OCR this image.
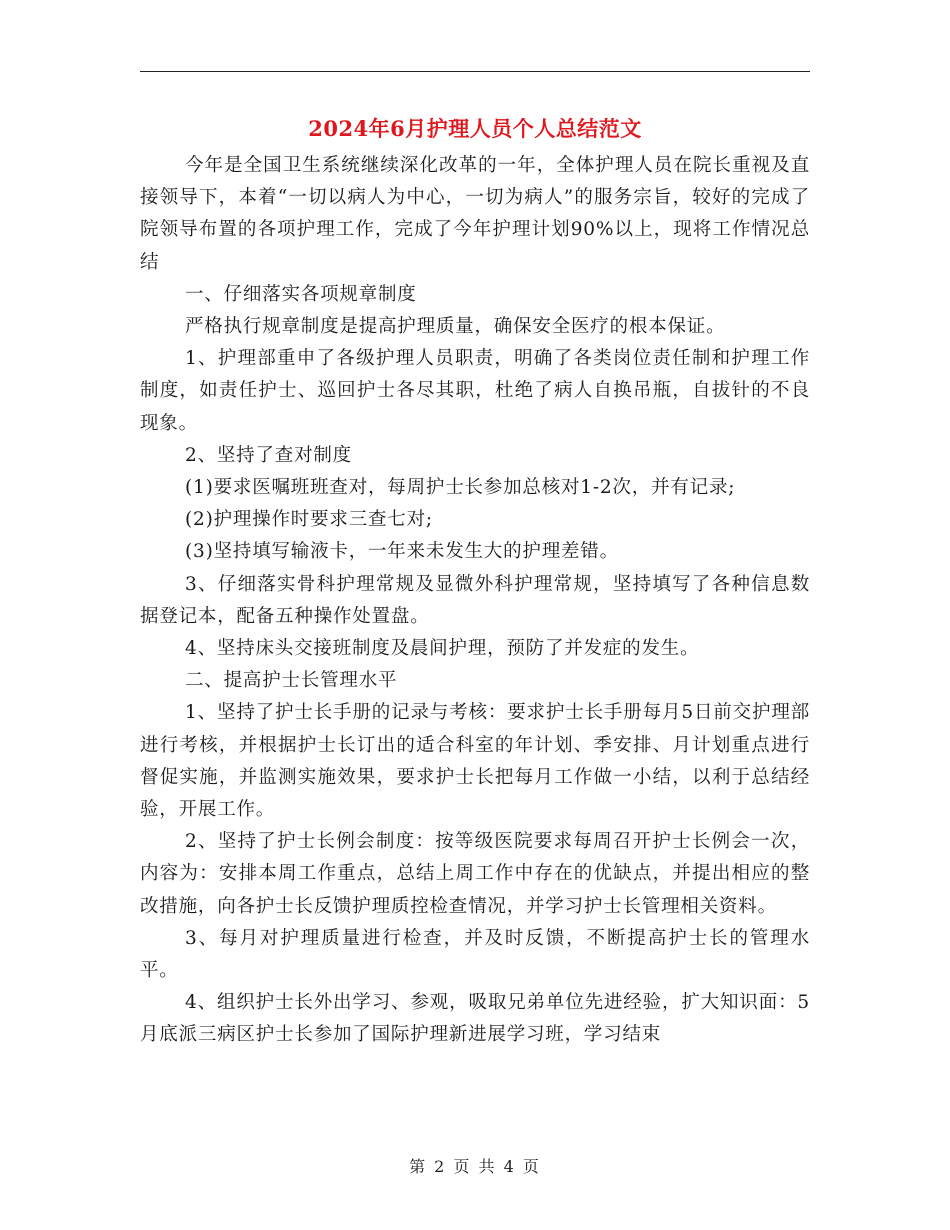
2024年6月护理人员个人总结范文

今年是全国卫生系统继续深化改革的一年，全体护理人员在院长重视及直接领导下，本着“一切以病人为中心，一切为病人”的服务宗旨，较好的完成了院领导布置的各项护理工作，完成了今年护理计划90%以上，现将工作情况总结

一、仔细落实各项规章制度

严格执行规章制度是提高护理质量，确保安全医疗的根本保证。

1、护理部重申了各级护理人员职责，明确了各类岗位责任制和护理工作制度，如责任护士、巡回护士各尽其职，杜绝了病人自换吊瓶，自拔针的不良现象。

2、坚持了查对制度

(1)要求医嘱班班查对，每周护士长参加总核对1-2次，并有记录;

(2)护理操作时要求三查七对;

(3)坚持填写输液卡，一年来未发生大的护理差错。

3、仔细落实骨科护理常规及显微外科护理常规，坚持填写了各种信息数据登记本，配备五种操作处置盘。

4、坚持床头交接班制度及晨间护理，预防了并发症的发生。

二、提高护士长管理水平

1、坚持了护士长手册的记录与考核：要求护士长手册每月5日前交护理部进行考核，并根据护士长订出的适合科室的年计划、季安排、月计划重点进行督促实施，并监测实施效果，要求护士长把每月工作做一小结，以利于总结经验，开展工作。

2、坚持了护士长例会制度：按等级医院要求每周召开护士长例会一次，内容为：安排本周工作重点，总结上周工作中存在的优缺点，并提出相应的整改措施，向各护士长反馈护理质控检查情况，并学习护士长管理相关资料。

3、每月对护理质量进行检查，并及时反馈，不断提高护士长的管理水平。

4、组织护士长外出学习、参观，吸取兄弟单位先进经验，扩大知识面：5月底派三病区护士长参加了国际护理新进展学习班，学习结束

第 2 页 共 4 页
